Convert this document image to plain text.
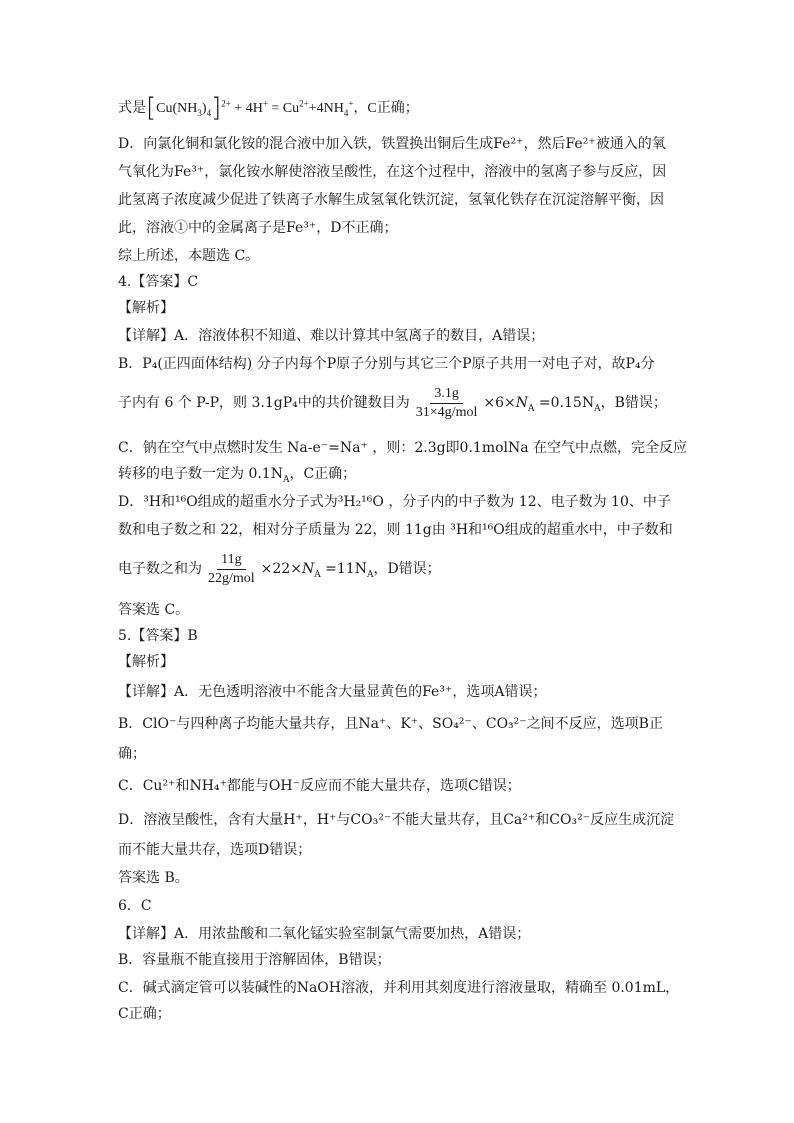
式是$[Cu(NH_3)_4]^{2+} + 4H^+ = Cu^{2+}+4NH_4^+$，C正确；
D．向氯化铜和氯化铵的混合液中加入铁，铁置换出铜后生成Fe²⁺，然后Fe²⁺被通入的氧
气氧化为Fe³⁺，氯化铵水解使溶液呈酸性，在这个过程中，溶液中的氢离子参与反应，因
此氢离子浓度减少促进了铁离子水解生成氢氧化铁沉淀，氢氧化铁存在沉淀溶解平衡，因
此，溶液①中的金属离子是Fe³⁺，D不正确；
综上所述，本题选 C。
4.【答案】C
【解析】
【详解】A．溶液体积不知道、难以计算其中氢离子的数目，A错误；
B．P₄(正四面体结构) 分子内每个P原子分别与其它三个P原子共用一对电子对，故P₄分
子内有 6 个 P-P，则 3.1gP₄中的共价键数目为 $\frac{3.1g}{\text{31×4g/mol}} \times 6\times N_A =0.15N_A$，B错误；
C．钠在空气中点燃时发生 Na-e⁻=Na⁺ ，则：2.3g即0.1molNa 在空气中点燃，完全反应
转移的电子数一定为 $0.1N_A$，C正确；
D．³H和¹⁶O组成的超重水分子式为³H₂¹⁶O ，分子内的中子数为 12、电子数为 10、中子
数和电子数之和 22，相对分子质量为 22，则 11g由 ³H和¹⁶O组成的超重水中，中子数和
电子数之和为 $\frac{11g}{\text{22g/mol}} \times 22\times N_A =11N_A$，D错误；
答案选 C。
5.【答案】B
【解析】
【详解】A．无色透明溶液中不能含大量显黄色的Fe³⁺，选项A错误；
B．ClO⁻与四种离子均能大量共存，且Na⁺、K⁺、SO₄²⁻、CO₃²⁻之间不反应，选项B正
确；
C．Cu²⁺和NH₄⁺都能与OH⁻反应而不能大量共存，选项C错误；
D．溶液呈酸性，含有大量H⁺，H⁺与CO₃²⁻不能大量共存，且Ca²⁺和CO₃²⁻反应生成沉淀
而不能大量共存，选项D错误；
答案选 B。
6．C
【详解】A．用浓盐酸和二氧化锰实验室制氯气需要加热，A错误；
B．容量瓶不能直接用于溶解固体，B错误；
C．碱式滴定管可以装碱性的NaOH溶液，并利用其刻度进行溶液量取，精确至 0.01mL，
C正确；
